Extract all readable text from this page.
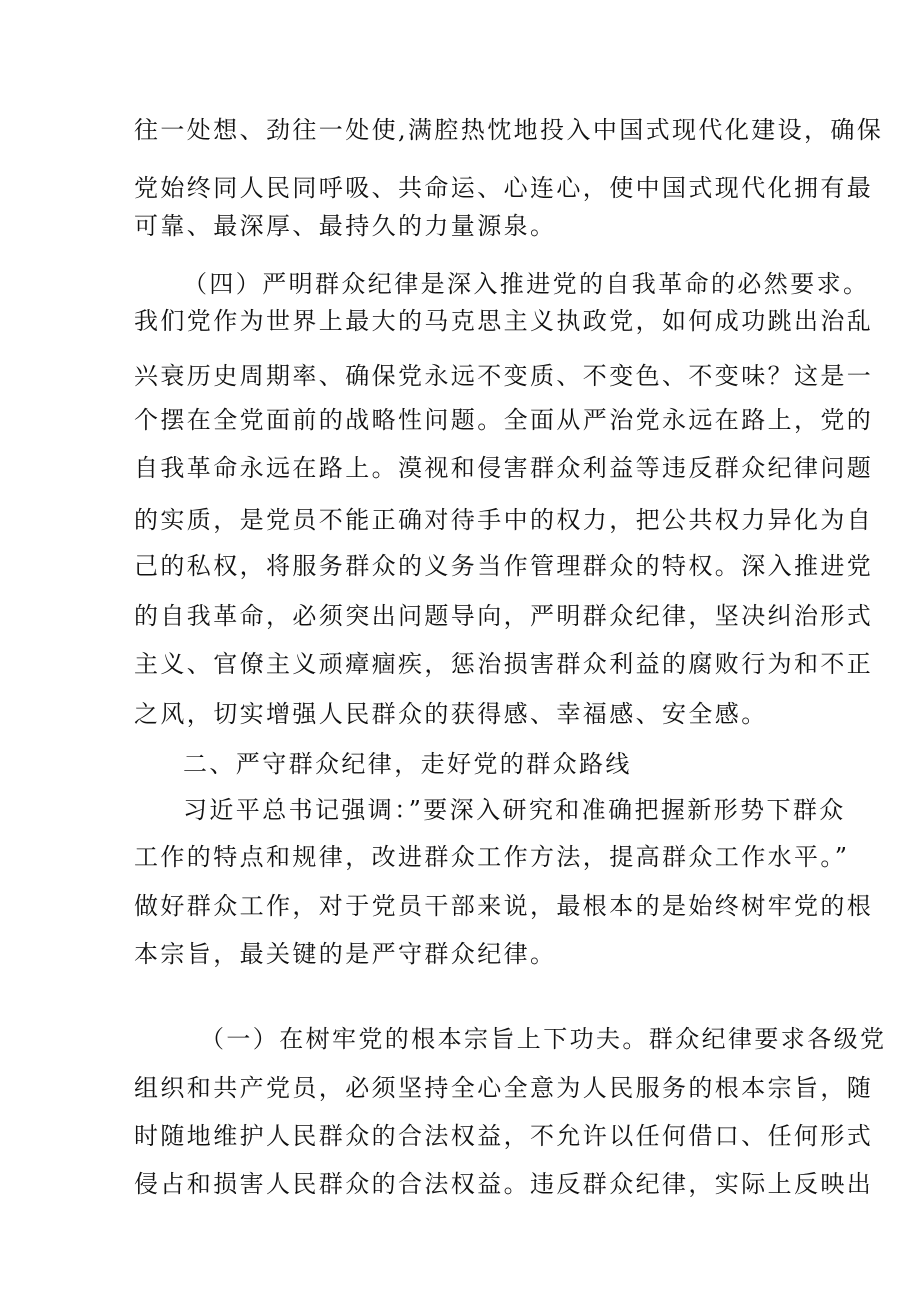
往一处想、劲往一处使,满腔热忱地投入中国式现代化建设，确保
党始终同人民同呼吸、共命运、心连心，使中国式现代化拥有最
可靠、最深厚、最持久的力量源泉。
（四）严明群众纪律是深入推进党的自我革命的必然要求。
我们党作为世界上最大的马克思主义执政党，如何成功跳出治乱
兴衰历史周期率、确保党永远不变质、不变色、不变味？这是一
个摆在全党面前的战略性问题。全面从严治党永远在路上，党的
自我革命永远在路上。漠视和侵害群众利益等违反群众纪律问题
的实质，是党员不能正确对待手中的权力，把公共权力异化为自
己的私权，将服务群众的义务当作管理群众的特权。深入推进党
的自我革命，必须突出问题导向，严明群众纪律，坚决纠治形式
主义、官僚主义顽瘴痼疾，惩治损害群众利益的腐败行为和不正
之风，切实增强人民群众的获得感、幸福感、安全感。
二、严守群众纪律，走好党的群众路线
习近平总书记强调：”要深入研究和准确把握新形势下群众
工作的特点和规律，改进群众工作方法，提高群众工作水平。”
做好群众工作，对于党员干部来说，最根本的是始终树牢党的根
本宗旨，最关键的是严守群众纪律。
（一）在树牢党的根本宗旨上下功夫。群众纪律要求各级党
组织和共产党员，必须坚持全心全意为人民服务的根本宗旨，随
时随地维护人民群众的合法权益，不允许以任何借口、任何形式
侵占和损害人民群众的合法权益。违反群众纪律，实际上反映出
